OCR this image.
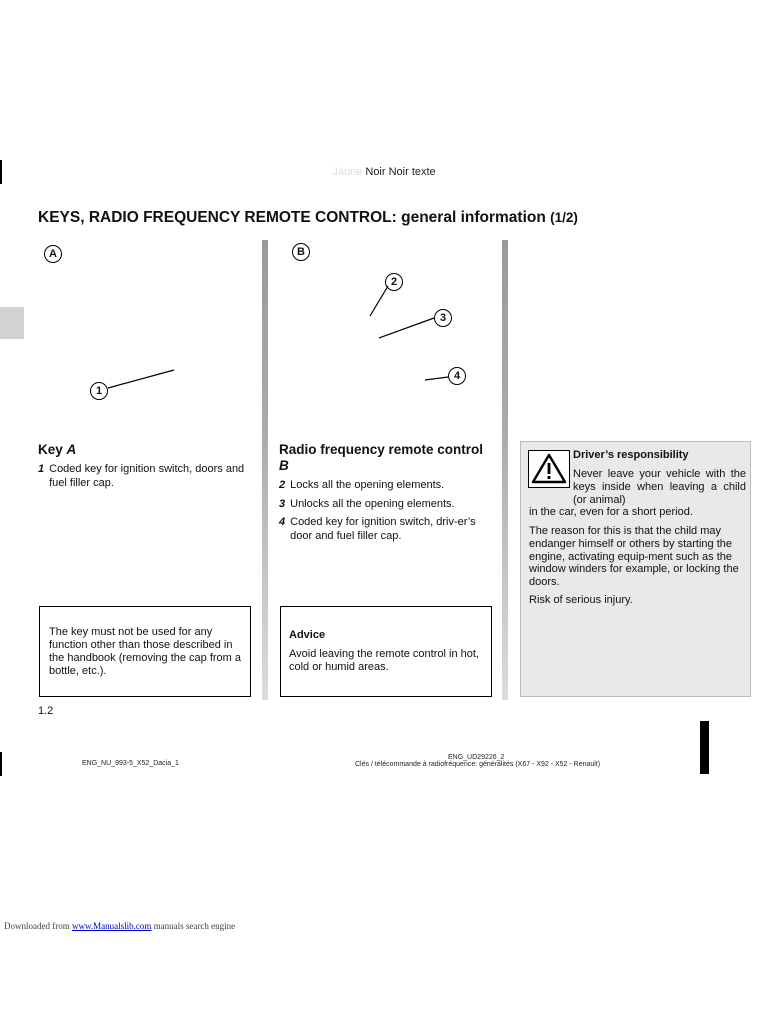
Jaune Noir Noir texte
KEYS, RADIO FREQUENCY REMOTE CONTROL: general information (1/2)
A	B
1
2
3
4
Key A
1 Coded key for ignition switch, doors and fuel filler cap.
The key must not be used for any function other than those described in the handbook (removing the cap from a bottle, etc.).
Radio frequency remote control B
2 Locks all the opening elements.
3 Unlocks all the opening elements.
4 Coded key for ignition switch, driv-er’s door and fuel filler cap.
Advice
Avoid leaving the remote control in hot, cold or humid areas.
Driver’s responsibility
Never leave your vehicle with the keys inside when leaving a child (or animal)
in the car, even for a short period.
The reason for this is that the child may endanger himself or others by starting the engine, activating equip-ment such as the window winders for example, or locking the doors.
Risk of serious injury.
1.2
ENG_NU_993-5_X52_Dacia_1
ENG_UD29226_2
Clés / télécommande à radiofréquence: généralités (X67 - X92 - X52 - Renault)
Downloaded from www.Manualslib.com manuals search engine
